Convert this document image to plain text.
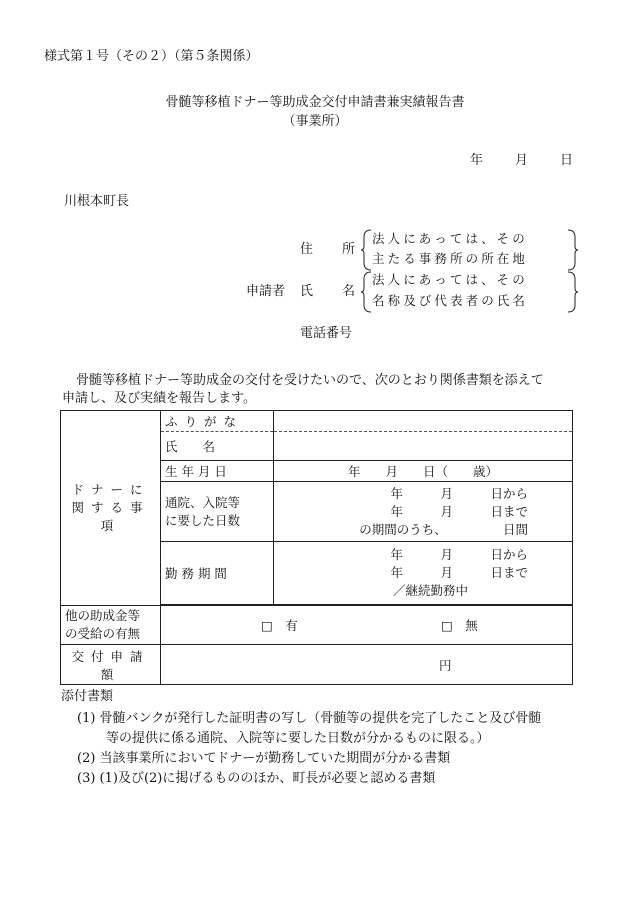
様式第１号（その２）（第５条関係）
骨髄等移植ドナー等助成金交付申請書兼実績報告書
（事業所）
年　　月　　日
川根本町長
住　　所
法人にあっては、その
主たる事務所の所在地
申請者 氏　　名
法人にあっては、その
名称及び代表者の氏名
電話番号
骨髄等移植ドナー等助成金の交付を受けたいので、次のとおり関係書類を添えて
申請し、及び実績を報告します。
ドナーに
関する事項	ふりがな	
	氏　　名	
	生 年 月 日	年　　月　　日（　　歳）

	通院、入院等
に要した日数	年　　　月　　　日から
年　　　月　　　日まで
の期間のうち、　　　　　日間

	勤 務 期 間	年　　　月　　　日から
年　　　月　　　日まで
／継続勤務中

他の助成金等
の受給の有無	□　有 □　無	
交付申請額	円	
添付書類
(1) 骨髄バンクが発行した証明書の写し（骨髄等の提供を完了したこと及び骨髄
等の提供に係る通院、入院等に要した日数が分かるものに限る。）
(2) 当該事業所においてドナーが勤務していた期間が分かる書類
(3) (1)及び(2)に掲げるもののほか、町長が必要と認める書類
